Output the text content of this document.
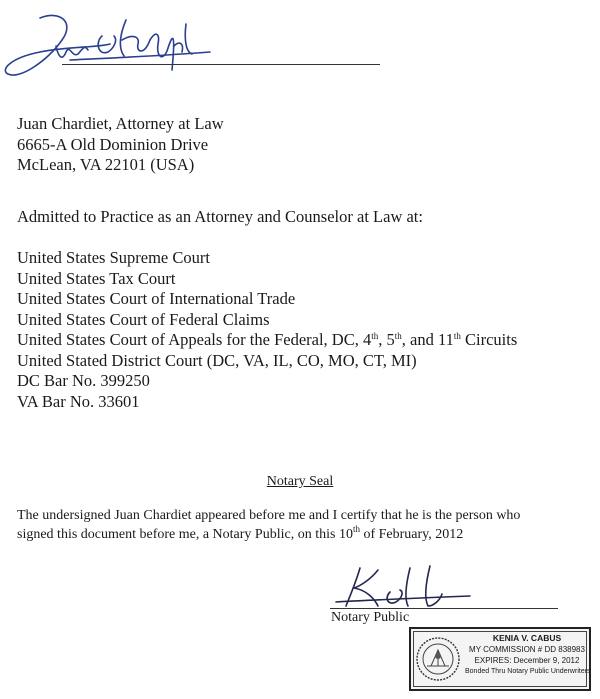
Juan Chardiet, Attorney at Law
6665-A Old Dominion Drive
McLean, VA 22101 (USA)
Admitted to Practice as an Attorney and Counselor at Law at:
United States Supreme Court
United States Tax Court
United States Court of International Trade
United States Court of Federal Claims
United States Court of Appeals for the Federal, DC, 4th, 5th, and 11th Circuits
United Stated District Court (DC, VA, IL, CO, MO, CT, MI)
DC Bar No. 399250
VA Bar No. 33601
Notary Seal
The undersigned Juan Chardiet appeared before me and I certify that he is the person who
signed this document before me, a Notary Public, on this 10th of February, 2012
Notary Public
KENIA V. CABUS
MY COMMISSION # DD 838983
EXPIRES: December 9, 2012
Bonded Thru Notary Public Underwriters
